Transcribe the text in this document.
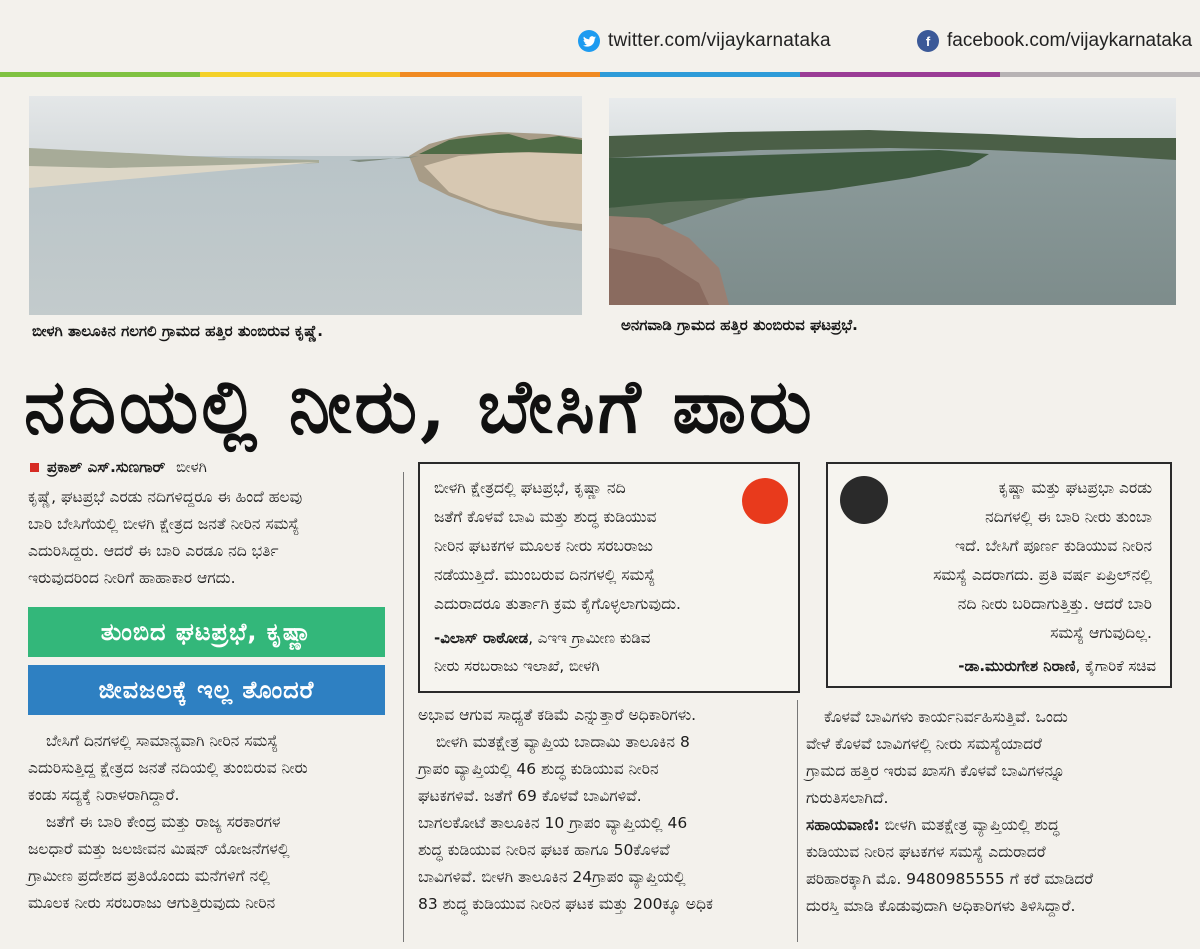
twitter.com/vijaykarnataka	f facebook.com/vijaykarnataka
ಬೀಳಗಿ ತಾಲೂಕಿನ ಗಲಗಲಿ ಗ್ರಾಮದ ಹತ್ತಿರ ತುಂಬಿರುವ ಕೃಷ್ಣೆ.	ಅನಗವಾಡಿ ಗ್ರಾಮದ ಹತ್ತಿರ ತುಂಬಿರುವ ಘಟಪ್ರಭೆ.
ನದಿಯಲ್ಲಿ ನೀರು, ಬೇಸಿಗೆ ಪಾರು
ಪ್ರಕಾಶ್ ಎಸ್.ಸುಣಗಾರ್ ಬೀಳಗಿ

ಕೃಷ್ಣೆ, ಘಟಪ್ರಭೆ ಎರಡು ನದಿಗಳಿದ್ದರೂ ಈ ಹಿಂದೆ ಹಲವು

ಬಾರಿ ಬೇಸಿಗೆಯಲ್ಲಿ ಬೀಳಗಿ ಕ್ಷೇತ್ರದ ಜನತೆ ನೀರಿನ ಸಮಸ್ಯೆ

ಎದುರಿಸಿದ್ದರು. ಆದರೆ ಈ ಬಾರಿ ಎರಡೂ ನದಿ ಭರ್ತಿ

ಇರುವುದರಿಂದ ನೀರಿಗೆ ಹಾಹಾಕಾರ ಆಗದು.

ತುಂಬಿದ ಘಟಪ್ರಭೆ, ಕೃಷ್ಣಾ
ಜೀವಜಲಕ್ಕೆ ಇಲ್ಲ ತೊಂದರೆ

ಬೇಸಿಗೆ ದಿನಗಳಲ್ಲಿ ಸಾಮಾನ್ಯವಾಗಿ ನೀರಿನ ಸಮಸ್ಯೆ

ಎದುರಿಸುತ್ತಿದ್ದ ಕ್ಷೇತ್ರದ ಜನತೆ ನದಿಯಲ್ಲಿ ತುಂಬಿರುವ ನೀರು

ಕಂಡು ಸದ್ಯಕ್ಕೆ ನಿರಾಳರಾಗಿದ್ದಾರೆ.

ಜತೆಗೆ ಈ ಬಾರಿ ಕೇಂದ್ರ ಮತ್ತು ರಾಜ್ಯ ಸರಕಾರಗಳ

ಜಲಧಾರೆ ಮತ್ತು ಜಲಜೀವನ ಮಿಷನ್ ಯೋಜನೆಗಳಲ್ಲಿ

ಗ್ರಾಮೀಣ ಪ್ರದೇಶದ ಪ್ರತಿಯೊಂದು ಮನೆಗಳಿಗೆ ನಲ್ಲಿ

ಮೂಲಕ ನೀರು ಸರಬರಾಜು ಆಗುತ್ತಿರುವುದು ನೀರಿನ

ಬೀಳಗಿ ಕ್ಷೇತ್ರದಲ್ಲಿ ಘಟಪ್ರಭೆ, ಕೃಷ್ಣಾ ನದಿ
ಜತೆಗೆ ಕೊಳವೆ ಬಾವಿ ಮತ್ತು ಶುದ್ಧ ಕುಡಿಯುವ
ನೀರಿನ ಘಟಕಗಳ ಮೂಲಕ ನೀರು ಸರಬರಾಜು
ನಡೆಯುತ್ತಿದೆ. ಮುಂಬರುವ ದಿನಗಳಲ್ಲಿ ಸಮಸ್ಯೆ
ಎದುರಾದರೂ ತುರ್ತಾಗಿ ಕ್ರಮ ಕೈಗೊಳ್ಳಲಾಗುವುದು.
-ವಿಲಾಸ್ ರಾಠೋಡ, ಎಇಇ ಗ್ರಾಮೀಣ ಕುಡಿವ
ನೀರು ಸರಬರಾಜು ಇಲಾಖೆ, ಬೀಳಗಿ
ಕೃಷ್ಣಾ ಮತ್ತು ಘಟಪ್ರಭಾ ಎರಡು
ನದಿಗಳಲ್ಲಿ ಈ ಬಾರಿ ನೀರು ತುಂಬಾ
ಇದೆ. ಬೇಸಿಗೆ ಪೂರ್ಣ ಕುಡಿಯುವ ನೀರಿನ
ಸಮಸ್ಯೆ ಎದರಾಗದು. ಪ್ರತಿ ವರ್ಷ ಏಪ್ರಿಲ್‌ನಲ್ಲಿ
ನದಿ ನೀರು ಬರಿದಾಗುತ್ತಿತ್ತು. ಆದರೆ ಬಾರಿ
ಸಮಸ್ಯೆ ಆಗುವುದಿಲ್ಲ.
-ಡಾ.ಮುರುಗೇಶ ನಿರಾಣಿ, ಕೈಗಾರಿಕೆ ಸಚಿವ

ಅಭಾವ ಆಗುವ ಸಾಧ್ಯತೆ ಕಡಿಮೆ ಎನ್ನುತ್ತಾರೆ ಅಧಿಕಾರಿಗಳು.

ಬೀಳಗಿ ಮತಕ್ಷೇತ್ರ ವ್ಯಾಪ್ತಿಯ ಬಾದಾಮಿ ತಾಲೂಕಿನ 8

ಗ್ರಾಪಂ ವ್ಯಾಪ್ತಿಯಲ್ಲಿ 46 ಶುದ್ಧ ಕುಡಿಯುವ ನೀರಿನ

ಘಟಕಗಳಿವೆ. ಜತೆಗೆ 69 ಕೊಳವೆ ಬಾವಿಗಳಿವೆ.

ಬಾಗಲಕೋಟೆ ತಾಲೂಕಿನ 10 ಗ್ರಾಪಂ ವ್ಯಾಪ್ತಿಯಲ್ಲಿ 46

ಶುದ್ಧ ಕುಡಿಯುವ ನೀರಿನ ಘಟಕ ಹಾಗೂ 50ಕೊಳವೆ

ಬಾವಿಗಳಿವೆ. ಬೀಳಗಿ ತಾಲೂಕಿನ 24ಗ್ರಾಪಂ ವ್ಯಾಪ್ತಿಯಲ್ಲಿ

83 ಶುದ್ಧ ಕುಡಿಯುವ ನೀರಿನ ಘಟಕ ಮತ್ತು 200ಕ್ಕೂ ಅಧಿಕ

ಕೊಳವೆ ಬಾವಿಗಳು ಕಾರ್ಯನಿರ್ವಹಿಸುತ್ತಿವೆ. ಒಂದು

ವೇಳೆ ಕೊಳವೆ ಬಾವಿಗಳಲ್ಲಿ ನೀರು ಸಮಸ್ಯೆಯಾದರೆ

ಗ್ರಾಮದ ಹತ್ತಿರ ಇರುವ ಖಾಸಗಿ ಕೊಳವೆ ಬಾವಿಗಳನ್ನೂ

ಗುರುತಿಸಲಾಗಿದೆ.

ಸಹಾಯವಾಣಿ: ಬೀಳಗಿ ಮತಕ್ಷೇತ್ರ ವ್ಯಾಪ್ತಿಯಲ್ಲಿ ಶುದ್ಧ

ಕುಡಿಯುವ ನೀರಿನ ಘಟಕಗಳ ಸಮಸ್ಯೆ ಎದುರಾದರೆ

ಪರಿಹಾರಕ್ಕಾಗಿ ಮೊ. 9480985555 ಗೆ ಕರೆ ಮಾಡಿದರೆ

ದುರಸ್ತಿ ಮಾಡಿ ಕೊಡುವುದಾಗಿ ಅಧಿಕಾರಿಗಳು ತಿಳಿಸಿದ್ದಾರೆ.
